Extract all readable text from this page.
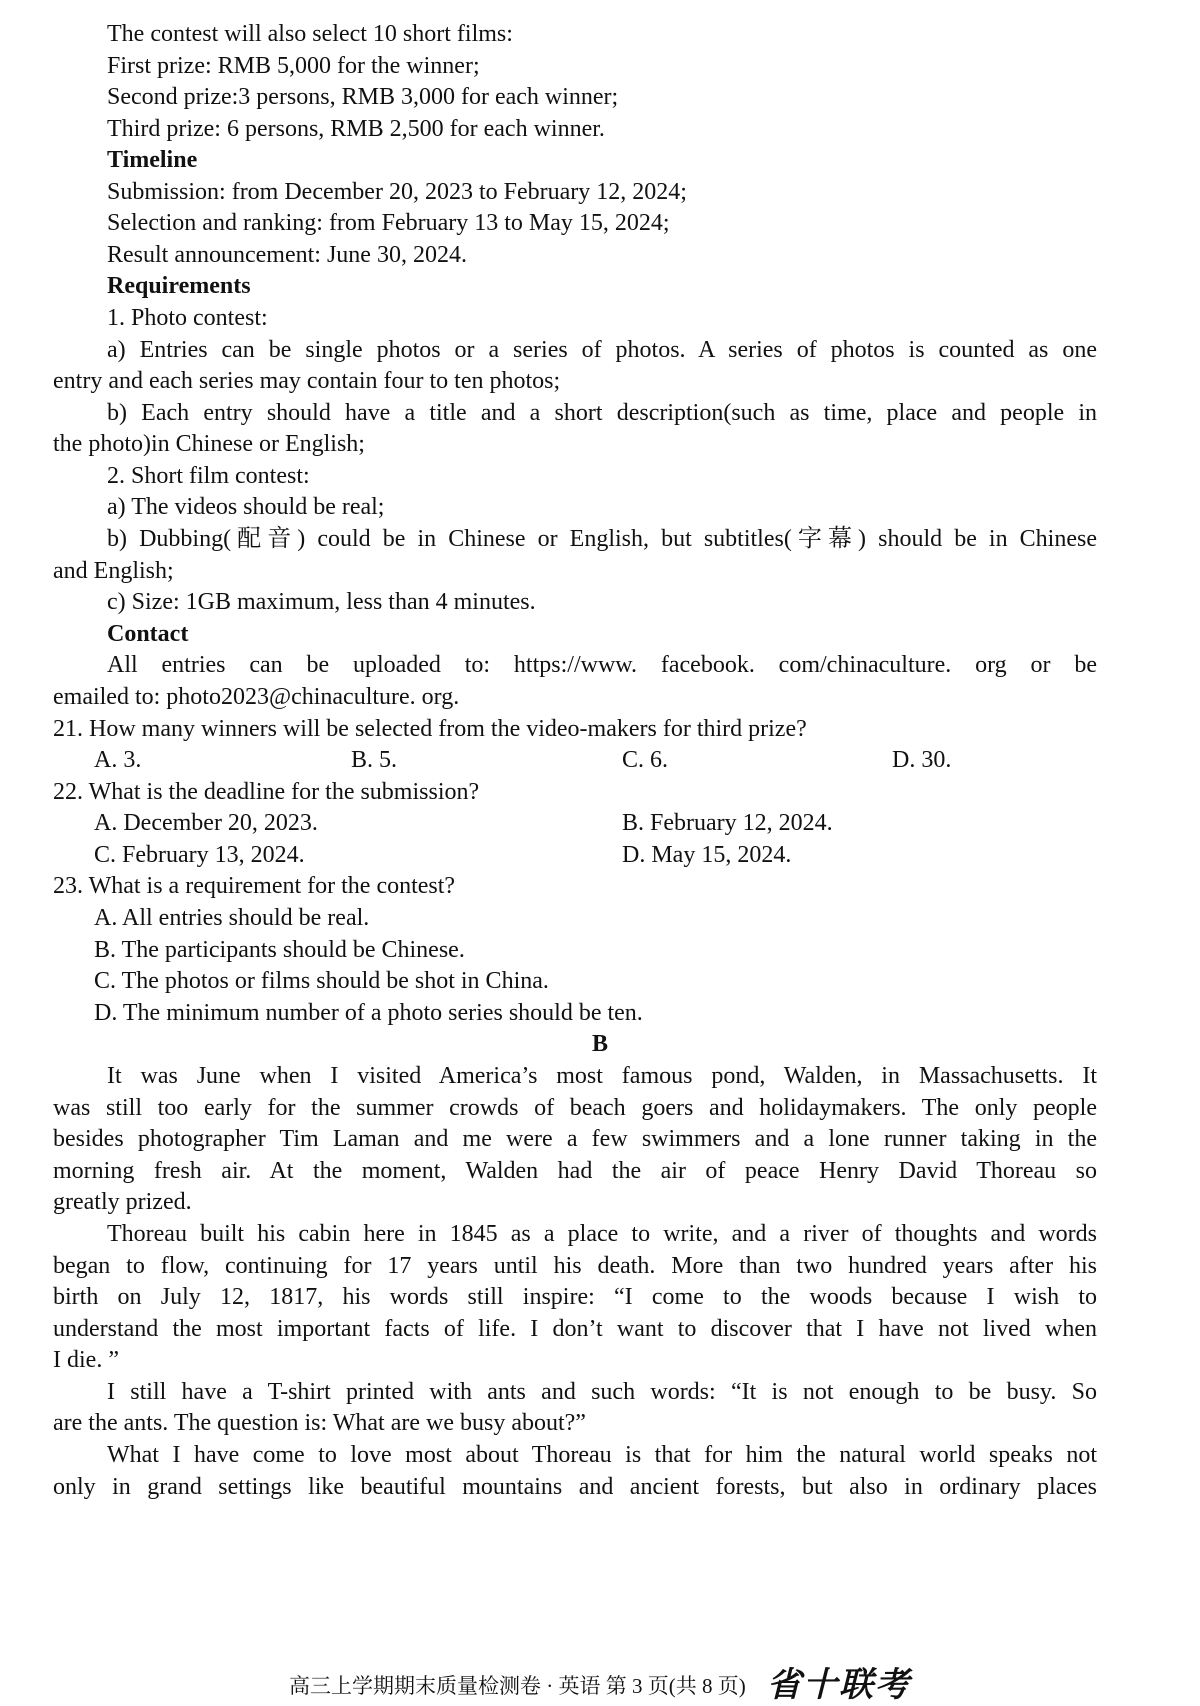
The contest will also select 10 short films:

First prize: RMB 5,000 for the winner;

Second prize:3 persons, RMB 3,000 for each winner;

Third prize: 6 persons, RMB 2,500 for each winner.

Timeline

Submission: from December 20, 2023 to February 12, 2024;

Selection and ranking: from February 13 to May 15, 2024;

Result announcement: June 30, 2024.

Requirements

1. Photo contest:

a) Entries can be single photos or a series of photos. A series of photos is counted as one

entry and each series may contain four to ten photos;

b) Each entry should have a title and a short description(such as time, place and people in

the photo)in Chinese or English;

2. Short film contest:

a) The videos should be real;

b) Dubbing(配音) could be in Chinese or English, but subtitles(字幕) should be in Chinese

and English;

c) Size: 1GB maximum, less than 4 minutes.

Contact

All entries can be uploaded to: https://www. facebook. com/chinaculture. org or be

emailed to: photo2023@chinaculture. org.

21. How many winners will be selected from the video-makers for third prize?

A. 3.	B. 5.	C. 6.	D. 30.

22. What is the deadline for the submission?

A. December 20, 2023.	B. February 12, 2024.
C. February 13, 2024.	D. May 15, 2024.

23. What is a requirement for the contest?

A. All entries should be real.

B. The participants should be Chinese.

C. The photos or films should be shot in China.

D. The minimum number of a photo series should be ten.

B

It was June when I visited America’s most famous pond, Walden, in Massachusetts. It

was still too early for the summer crowds of beach goers and holidaymakers. The only people

besides photographer Tim Laman and me were a few swimmers and a lone runner taking in the

morning fresh air. At the moment, Walden had the air of peace Henry David Thoreau so

greatly prized.

Thoreau built his cabin here in 1845 as a place to write, and a river of thoughts and words

began to flow, continuing for 17 years until his death. More than two hundred years after his

birth on July 12, 1817, his words still inspire: “I come to the woods because I wish to

understand the most important facts of life. I don’t want to discover that I have not lived when

I die. ”

I still have a T-shirt printed with ants and such words: “It is not enough to be busy. So

are the ants. The question is: What are we busy about?”

What I have come to love most about Thoreau is that for him the natural world speaks not

only in grand settings like beautiful mountains and ancient forests, but also in ordinary places

高三上学期期末质量检测卷 · 英语 第 3 页(共 8 页) 省十联考
